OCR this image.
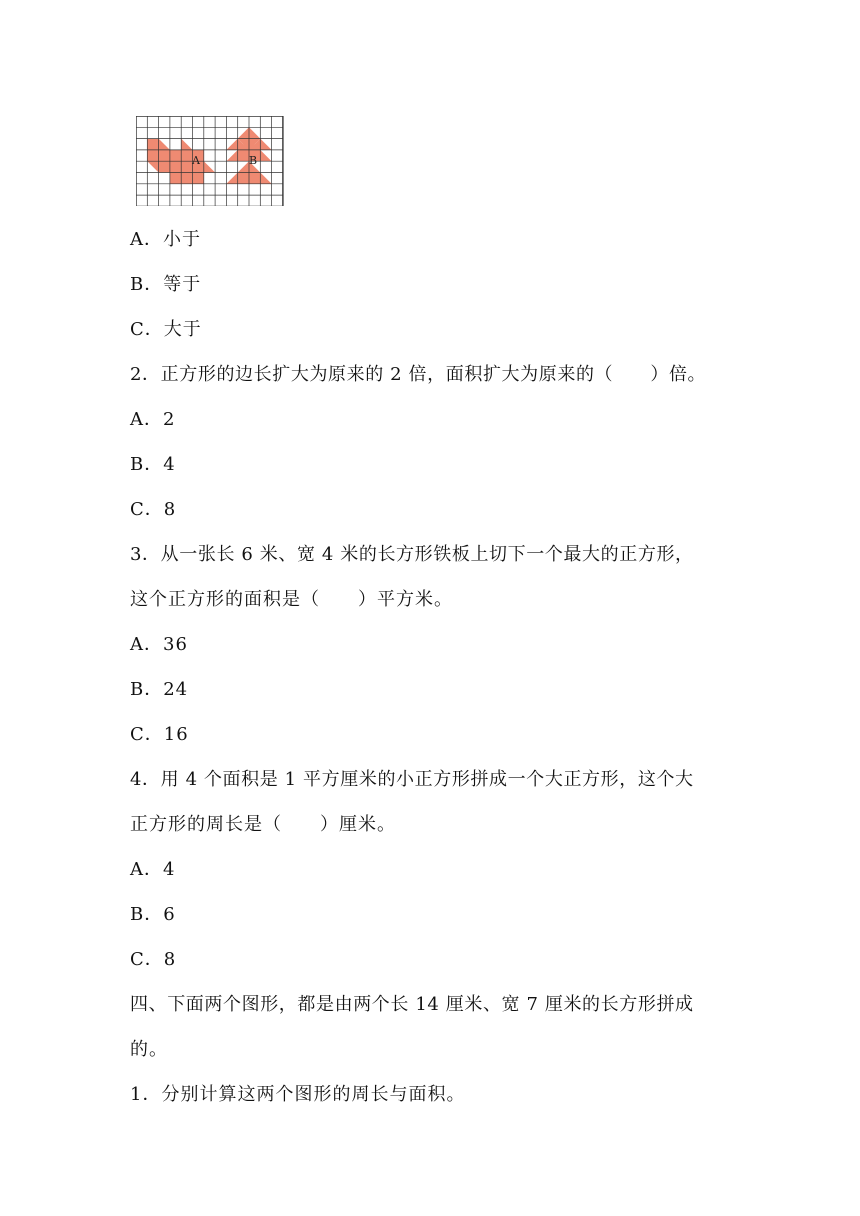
A	B
A．小于
B．等于
C．大于
2．正方形的边长扩大为原来的 2 倍，面积扩大为原来的（　　）倍。
A．2
B．4
C．8
3．从一张长 6 米、宽 4 米的长方形铁板上切下一个最大的正方形，
这个正方形的面积是（　　）平方米。
A．36
B．24
C．16
4．用 4 个面积是 1 平方厘米的小正方形拼成一个大正方形，这个大
正方形的周长是（　　）厘米。
A．4
B．6
C．8
四、下面两个图形，都是由两个长 14 厘米、宽 7 厘米的长方形拼成
的。
1．分别计算这两个图形的周长与面积。
